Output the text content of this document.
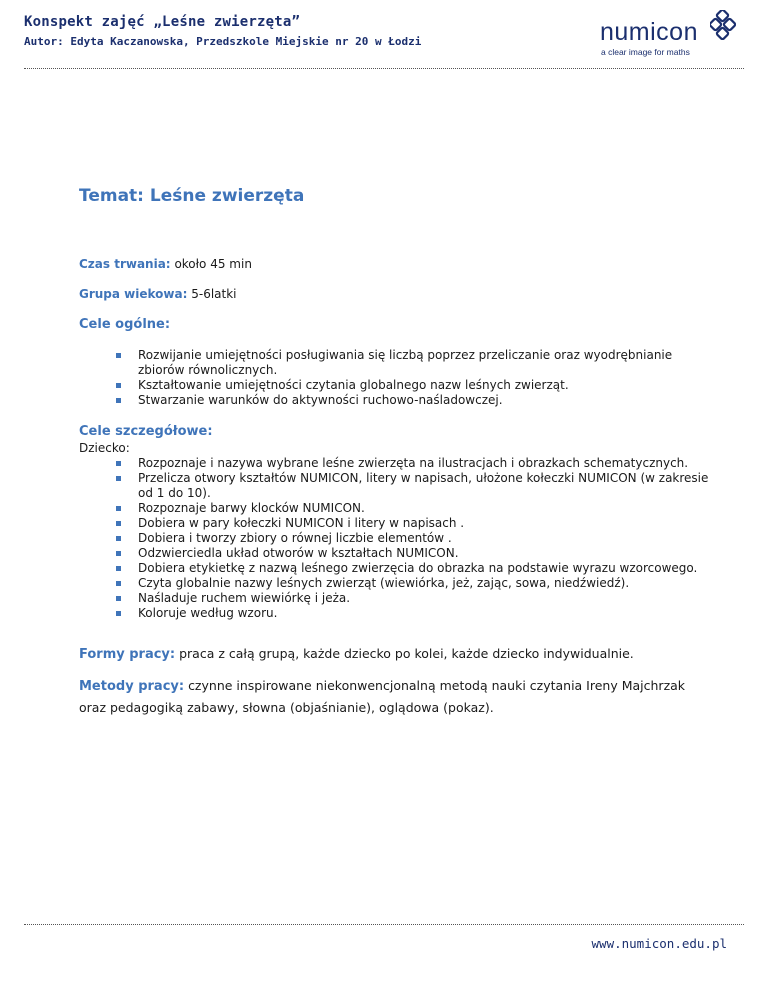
Konspekt zajęć „Leśne zwierzęta”
Autor: Edyta Kaczanowska, Przedszkole Miejskie nr 20 w Łodzi	numicon
a clear image for maths
Temat: Leśne zwierzęta
Czas trwania: około 45 min
Grupa wiekowa: 5-6latki
Cele ogólne:
Rozwijanie umiejętności posługiwania się liczbą poprzez przeliczanie oraz wyodrębnianie zbiorów równolicznych.
Kształtowanie umiejętności czytania globalnego nazw leśnych zwierząt.
Stwarzanie warunków do aktywności ruchowo-naśladowczej.
Cele szczegółowe:
Dziecko:
Rozpoznaje i nazywa wybrane leśne zwierzęta na ilustracjach i obrazkach schematycznych.
Przelicza otwory kształtów NUMICON, litery w napisach, ułożone kołeczki NUMICON (w zakresie od 1 do 10).
Rozpoznaje barwy klocków NUMICON.
Dobiera w pary kołeczki NUMICON i litery w napisach .
Dobiera i tworzy zbiory o równej liczbie elementów .
Odzwierciedla układ otworów w kształtach NUMICON.
Dobiera etykietkę z nazwą leśnego zwierzęcia do obrazka na podstawie wyrazu wzorcowego.
Czyta globalnie nazwy leśnych zwierząt (wiewiórka, jeż, zając, sowa, niedźwiedź).
Naśladuje ruchem wiewiórkę i jeża.
Koloruje według wzoru.
Formy pracy: praca z całą grupą, każde dziecko po kolei, każde dziecko indywidualnie.
Metody pracy: czynne inspirowane niekonwencjonalną metodą nauki czytania Ireny Majchrzak oraz pedagogiką zabawy, słowna (objaśnianie), oglądowa (pokaz).
www.numicon.edu.pl
